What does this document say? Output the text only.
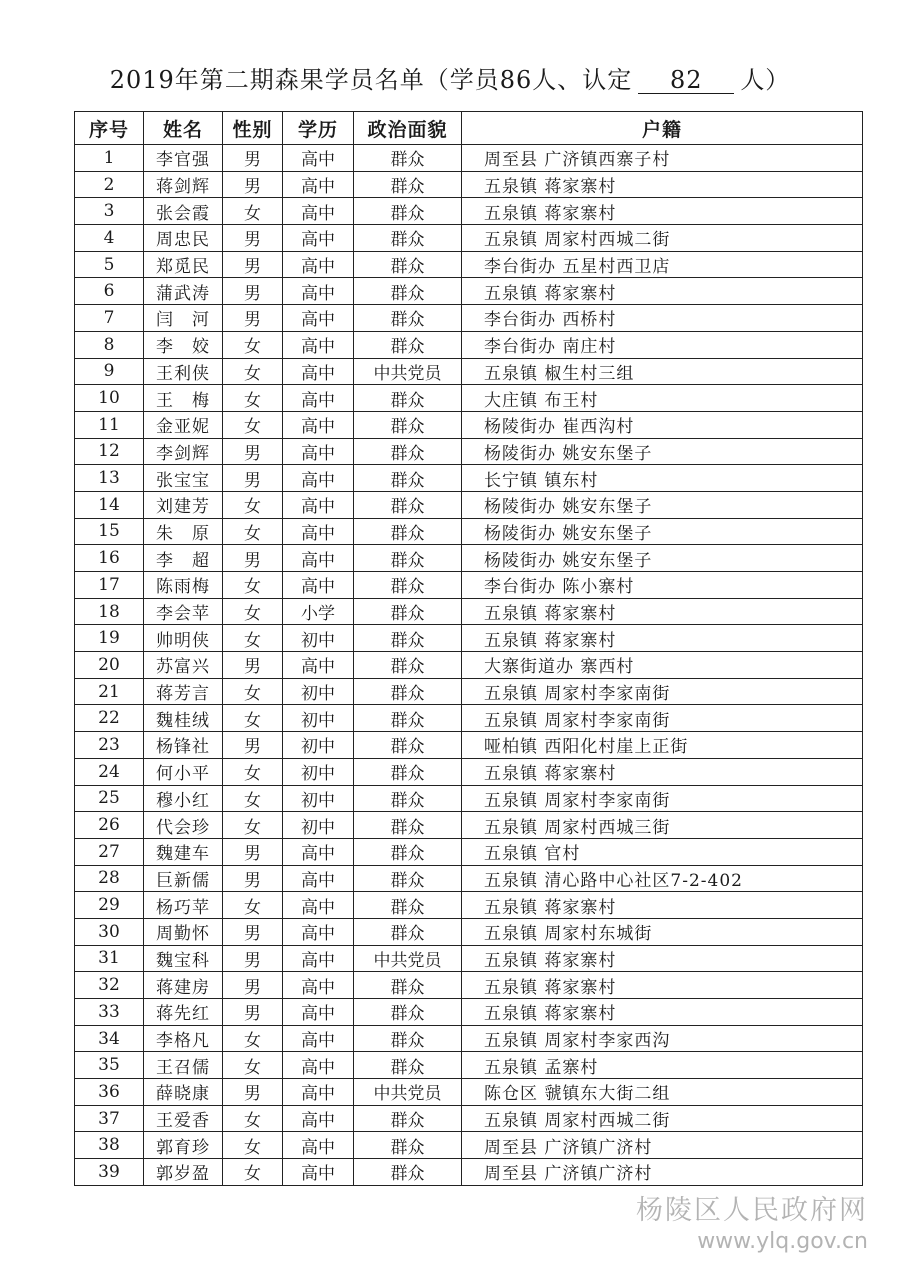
2019年第二期森果学员名单（学员86人、认定 82 人）
序号	姓名	性别	学历	政治面貌	户籍
1	李官强	男	高中	群众	周至县 广济镇西寨子村
2	蒋剑辉	男	高中	群众	五泉镇 蒋家寨村
3	张会霞	女	高中	群众	五泉镇 蒋家寨村
4	周忠民	男	高中	群众	五泉镇 周家村西城二街
5	郑觅民	男	高中	群众	李台街办 五星村西卫店
6	蒲武涛	男	高中	群众	五泉镇 蒋家寨村
7	闫　河	男	高中	群众	李台街办 西桥村
8	李　姣	女	高中	群众	李台街办 南庄村
9	王利侠	女	高中	中共党员	五泉镇 椒生村三组
10	王　梅	女	高中	群众	大庄镇 布王村
11	金亚妮	女	高中	群众	杨陵街办 崔西沟村
12	李剑辉	男	高中	群众	杨陵街办 姚安东堡子
13	张宝宝	男	高中	群众	长宁镇 镇东村
14	刘建芳	女	高中	群众	杨陵街办 姚安东堡子
15	朱　原	女	高中	群众	杨陵街办 姚安东堡子
16	李　超	男	高中	群众	杨陵街办 姚安东堡子
17	陈雨梅	女	高中	群众	李台街办 陈小寨村
18	李会苹	女	小学	群众	五泉镇 蒋家寨村
19	帅明侠	女	初中	群众	五泉镇 蒋家寨村
20	苏富兴	男	高中	群众	大寨街道办 寨西村
21	蒋芳言	女	初中	群众	五泉镇 周家村李家南街
22	魏桂绒	女	初中	群众	五泉镇 周家村李家南街
23	杨锋社	男	初中	群众	哑柏镇 西阳化村崖上正街
24	何小平	女	初中	群众	五泉镇 蒋家寨村
25	穆小红	女	初中	群众	五泉镇 周家村李家南街
26	代会珍	女	初中	群众	五泉镇 周家村西城三街
27	魏建车	男	高中	群众	五泉镇 官村
28	巨新儒	男	高中	群众	五泉镇 清心路中心社区7-2-402
29	杨巧苹	女	高中	群众	五泉镇 蒋家寨村
30	周勤怀	男	高中	群众	五泉镇 周家村东城街
31	魏宝科	男	高中	中共党员	五泉镇 蒋家寨村
32	蒋建房	男	高中	群众	五泉镇 蒋家寨村
33	蒋先红	男	高中	群众	五泉镇 蒋家寨村
34	李格凡	女	高中	群众	五泉镇 周家村李家西沟
35	王召儒	女	高中	群众	五泉镇 孟寨村
36	薛晓康	男	高中	中共党员	陈仓区 虢镇东大街二组
37	王爱香	女	高中	群众	五泉镇 周家村西城二街
38	郭育珍	女	高中	群众	周至县 广济镇广济村
39	郭岁盈	女	高中	群众	周至县 广济镇广济村
杨陵区人民政府网
www.ylq.gov.cn
